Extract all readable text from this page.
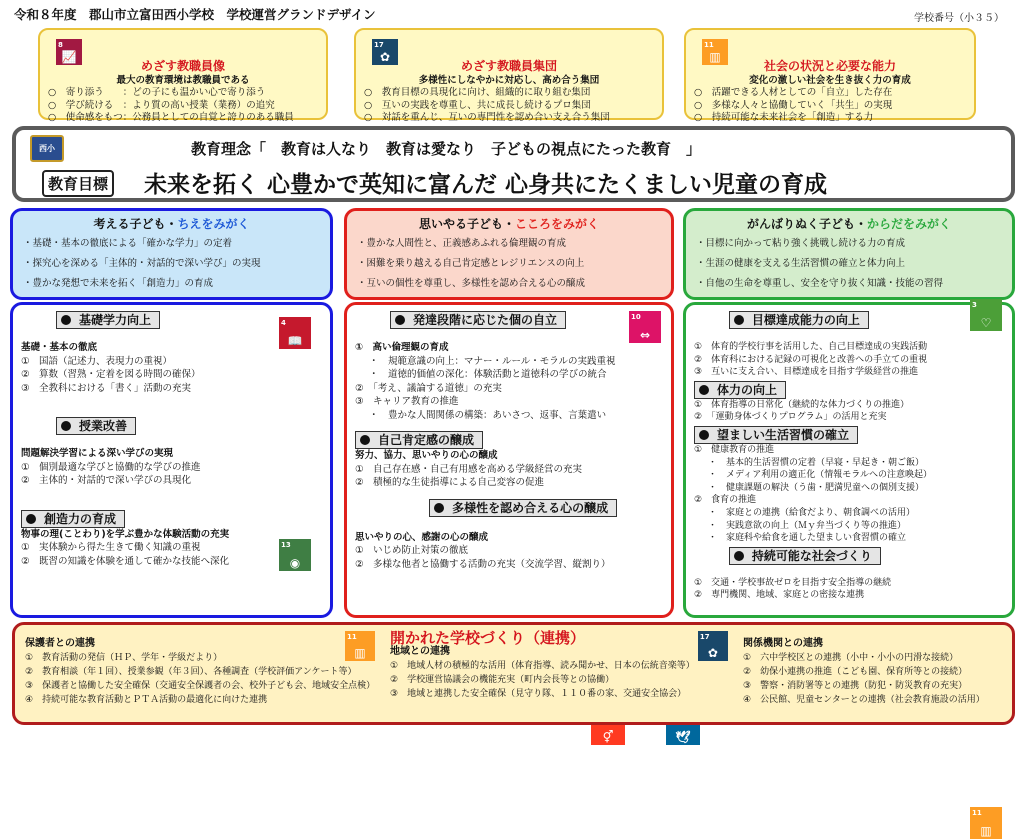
令和８年度　郡山市立富田西小学校　学校運営グランドデザイン	学校番号（小３５）
8
📈
めざす教職員像
最大の教育環境は教職員である
○　寄り添う　　：どの子にも温かい心で寄り添う
○　学び続ける　：より質の高い授業（業務）の追究
○　使命感をもつ：公務員としての自覚と誇りのある職員
17
✿
めざす教職員集団
多様性にしなやかに対応し、高め合う集団
○　教育目標の具現化に向け、組織的に取り組む集団
○　互いの実践を尊重し、共に成長し続けるプロ集団
○　対話を重んじ、互いの専門性を認め合い支え合う集団
11
▥
社会の状況と必要な能力
変化の激しい社会を生き抜く力の育成
○　活躍できる人材としての「自立」した存在
○　多様な人々と協働していく「共生」の実現
○　持続可能な未来社会を「創造」する力
西小	教育理念「　教育は人なり　教育は愛なり　子どもの視点にたった教育　」
教育目標 未来を拓く 心豊かで英知に富んだ 心身共にたくましい児童の育成
考える子ども・ちえをみがく
・基礎・基本の徹底による「確かな学力」の定着
・探究心を深める「主体的・対話的で深い学び」の実現
・豊かな発想で未来を拓く「創造力」の育成
思いやる子ども・こころをみがく
・豊かな人間性と、正義感あふれる倫理観の育成
・困難を乗り越える自己肯定感とレジリエンスの向上
・互いの個性を尊重し、多様性を認め合える心の醸成
がんばりぬく子ども・からだをみがく
・目標に向かって粘り強く挑戦し続ける力の育成
・生涯の健康を支える生活習慣の確立と体力向上
・自他の生命を尊重し、安全を守り抜く知識・技能の習得
4
📖
基礎学力向上
基礎・基本の徹底
①　国語（記述力、表現力の重視）
②　算数（習熟・定着を図る時間の確保）
③　全教科における「書く」活動の充実
13
◉
授業改善
問題解決学習による深い学びの実現
①　個別最適な学びと協働的な学びの推進
②　主体的・対話的で深い学びの具現化
創造力の育成
物事の理(ことわり)を学ぶ豊かな体験活動の充実
①　実体験から得た生きて働く知識の重視
②　既習の知識を体験を通して確かな技能へ深化
10
⇔
発達段階に応じた個の自立
①　高い倫理観の育成
・　規範意識の向上：マナー・ルール・モラルの実践重視
・　道徳的価値の深化：体験活動と道徳科の学びの統合
②　「考え、議論する道徳」の充実
③　キャリア教育の推進
・　豊かな人間関係の構築：あいさつ、返事、言葉遣い
自己肯定感の醸成
努力、協力、思いやりの心の醸成
①　自己存在感・自己有用感を高める学級経営の充実
②　積極的な生徒指導による自己変容の促進
⚥
	🕊
多様性を認め合える心の醸成
思いやりの心、感謝の心の醸成
①　いじめ防止対策の徹底
②　多様な他者と協働する活動の充実（交流学習、縦割り）
3
♡
目標達成能力の向上
①　体育的学校行事を活用した、自己目標達成の実践活動
②　体育科における記録の可視化と改善への手立ての重視
③　互いに支え合い、目標達成を目指す学級経営の推進
体力の向上
①　体育指導の日常化（継続的な体力づくりの推進）
②　「運動身体づくりプログラム」の活用と充実
望ましい生活習慣の確立
①　健康教育の推進
・　基本的生活習慣の定着（早寝・早起き・朝ご飯）
・　メディア利用の適正化（情報モラルへの注意喚起）
・　健康課題の解決（う歯・肥満児童への個別支援）
②　食育の推進
・　家庭との連携（給食だより、朝食調べの活用）
・　実践意欲の向上（Ｍｙ弁当づくり等の推進）
・　家庭科や給食を通した望ましい食習慣の確立
11
▥
持続可能な社会づくり
①　交通・学校事故ゼロを目指す安全指導の継続
②　専門機関、地域、家庭との密接な連携
保護者との連携
①　教育活動の発信（ＨＰ、学年・学級だより）
②　教育相談（年１回）、授業参観（年３回）、各種調査（学校評価アンケート等）
③　保護者と協働した安全確保（交通安全保護者の会、校外子ども会、地域安全点検）
④　持続可能な教育活動とＰＴＡ活動の最適化に向けた連携
11
▥

開かれた学校づくり（連携）
地域との連携
①　地域人材の積極的な活用（体育指導、読み聞かせ、日本の伝統音楽等）
②　学校運営協議会の機能充実（町内会長等との協働）
③　地域と連携した安全確保（見守り隊、１１０番の家、交通安全協会）
17
✿
関係機関との連携
①　六中学校区との連携（小中・小小の円滑な接続）
②　幼保小連携の推進（こども園、保育所等との接続）
③　警察・消防署等との連携（防犯・防災教育の充実）
④　公民館、児童センターとの連携（社会教育施設の活用）
